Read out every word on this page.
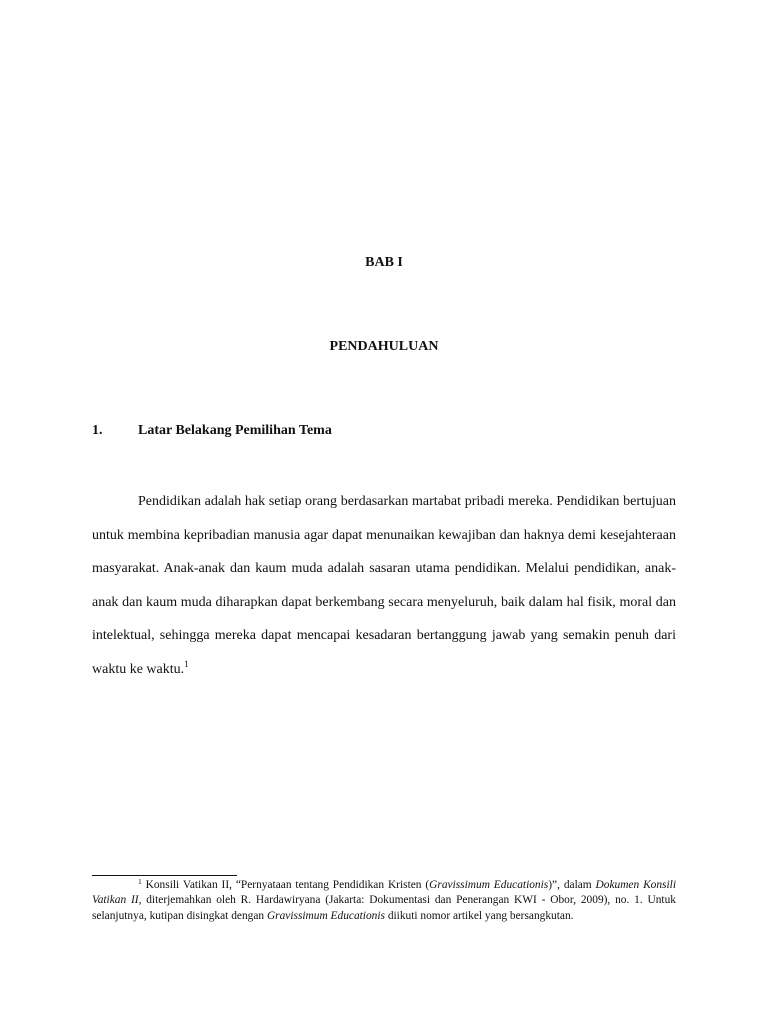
BAB I
PENDAHULUAN
1.	Latar Belakang Pemilihan Tema

Pendidikan adalah hak setiap orang berdasarkan martabat pribadi mereka. Pendidikan bertujuan untuk membina kepribadian manusia agar dapat menunaikan kewajiban dan haknya demi kesejahteraan masyarakat. Anak-anak dan kaum muda adalah sasaran utama pendidikan. Melalui pendidikan, anak-anak dan kaum muda diharapkan dapat berkembang secara menyeluruh, baik dalam hal fisik, moral dan intelektual, sehingga mereka dapat mencapai kesadaran bertanggung jawab yang semakin penuh dari waktu ke waktu.$^1$

$^1$ Konsili Vatikan II, “Pernyataan tentang Pendidikan Kristen (Gravissimum Educationis)”, dalam Dokumen Konsili Vatikan II, diterjemahkan oleh R. Hardawiryana (Jakarta: Dokumentasi dan Penerangan KWI - Obor, 2009), no. 1. Untuk selanjutnya, kutipan disingkat dengan Gravissimum Educationis diikuti nomor artikel yang bersangkutan.
